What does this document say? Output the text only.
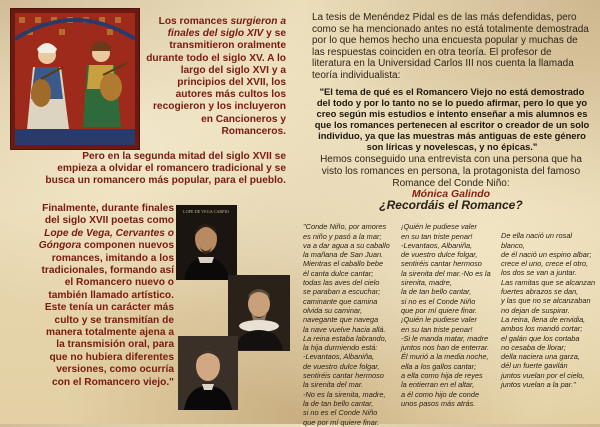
Los romances surgieron a finales del siglo XIV y se transmitieron oralmente durante todo el siglo XV. A lo largo del siglo XVI y a principios del XVII, los autores más cultos los recogieron y los incluyeron en Cancioneros y Romanceros.
Pero en la segunda mitad del siglo XVII se empieza a olvidar el romancero tradicional y se busca un romancero más popular, para el pueblo.
Finalmente, durante finales del siglo XVII poetas como Lope de Vega, Cervantes o Góngora componen nuevos romances, imitando a los tradicionales, formando así el Romancero nuevo o también llamado artístico. Este tenía un carácter más culto y se transmitían de manera totalmente ajena a la transmisión oral, para que no hubiera diferentes versiones, como ocurría con el Romancero viejo."
LOPE DE VEGA CARPIO
La tesis de Menéndez Pidal es de las más defendidas, pero como se ha mencionado antes no está totalmente demostrada por lo que hemos hecho una encuesta popular y muchas de las respuestas coinciden en otra teoría. El profesor de literatura en la Universidad Carlos III nos cuenta la llamada teoría individualista:
"El tema de qué es el Romancero Viejo no está demostrado del todo y por lo tanto no se lo puedo afirmar, pero lo que yo creo según mis estudios e intento enseñar a mis alumnos es que los romances pertenecen al escritor o creador de un solo individuo, ya que las muestras más antiguas de este género son líricas y novelescas, y no épicas."
Hemos conseguido una entrevista con una persona que ha visto los romances en persona, la protagonista del famoso Romance del Conde Niño:
Mónica Galindo
¿Recordáis el Romance?

"Conde Niño, por amores
es niño y pasó a la mar;
va a dar agua a su caballo
la mañana de San Juan.
Mientras el caballo bebe
él canta dulce cantar;
todas las aves del cielo
se paraban a escuchar;
caminante que camina
olvida su caminar,
navegante que navega
la nave vuelve hacia allá.
La reina estaba labrando,
la hija durmiendo está:
-Levantaos, Albaniña,
de vuestro dulce folgar,
sentiréis cantar hermoso
la sirenita del mar.
-No es la sirenita, madre,
la de tan bello cantar,
si no es el Conde Niño
que por mí quiere finar.

¡Quién le pudiese valer
en su tan triste penar!
-Levantaos, Albaniña,
de vuestro dulce folgar,
sentiréis cantar hermoso
la sirenita del mar.-No es la
sirenita, madre,
la de tan bello cantar,
si no es el Conde Niño
que por mí quiere finar.
¡Quién le pudiese valer
en su tan triste penar!
-Si le manda matar, madre
juntos nos han de enterrar.
Él murió a la media noche,
ella a los gallos cantar;
a ella como hija de reyes
la entierran en el altar,
a él como hijo de conde
unos pasos más atrás.

De ella nació un rosal
blanco,
de él nació un espino albar;
crece el uno, crece el otro,
los dos se van a juntar.
Las ramitas que se alcanzan
fuertes abrazos se dan,
y las que no se alcanzaban
no dejan de suspirar.
La reina, llena de envidia,
ambos los mandó cortar;
el galán que los cortaba
no cesaba de llorar;
della naciera una garza,
dél un fuerte gavilán
juntos vuelan por el cielo,
juntos vuelan a la par."
